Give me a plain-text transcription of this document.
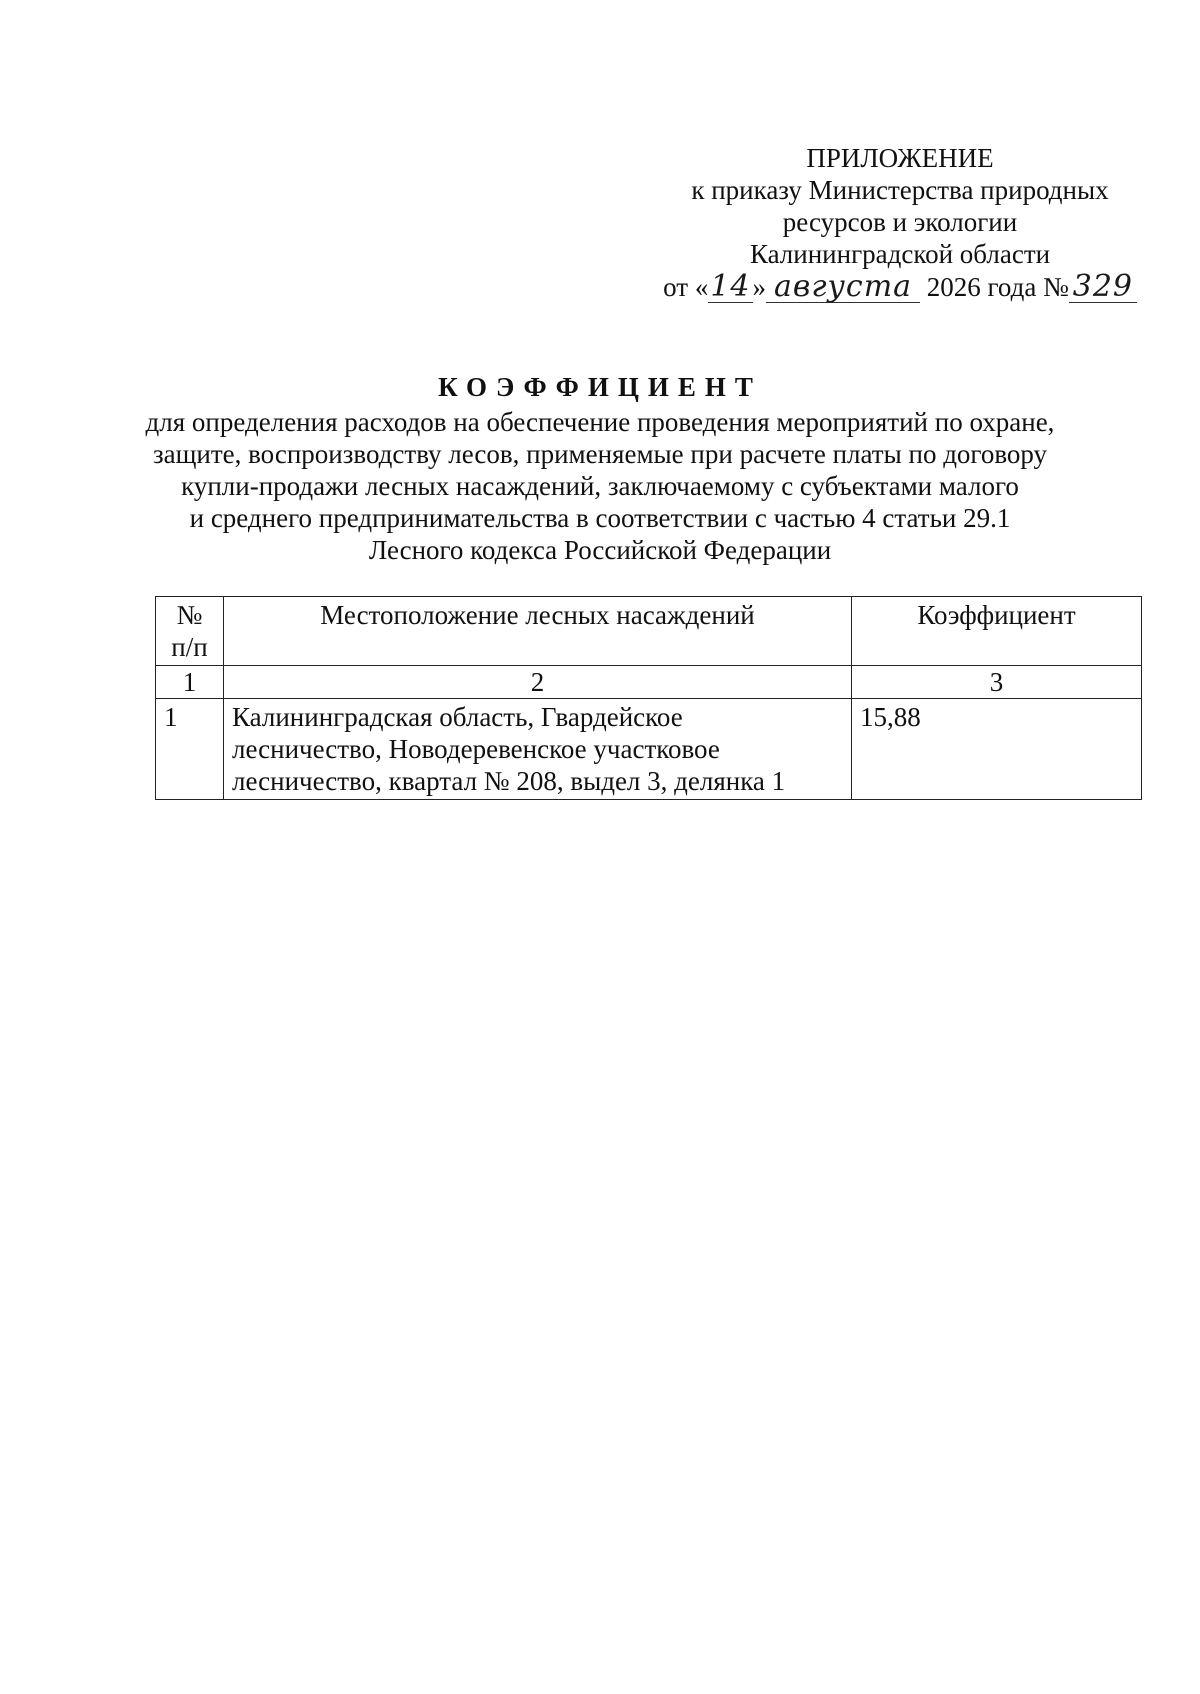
ПРИЛОЖЕНИЕ
к приказу Министерства природных
ресурсов и экологии
Калининградской области
от «14» августа 2026 года № 329
КОЭФФИЦИЕНТ
для определения расходов на обеспечение проведения мероприятий по охране,
защите, воспроизводству лесов, применяемые при расчете платы по договору
купли-продажи лесных насаждений, заключаемому с субъектами малого
и среднего предпринимательства в соответствии с частью 4 статьи 29.1
Лесного кодекса Российской Федерации
№
п/п	Местоположение лесных насаждений	Коэффициент
1	2	3
1	Калининградская область, Гвардейское
лесничество, Новодеревенское участковое
лесничество, квартал № 208, выдел 3, делянка 1	15,88
